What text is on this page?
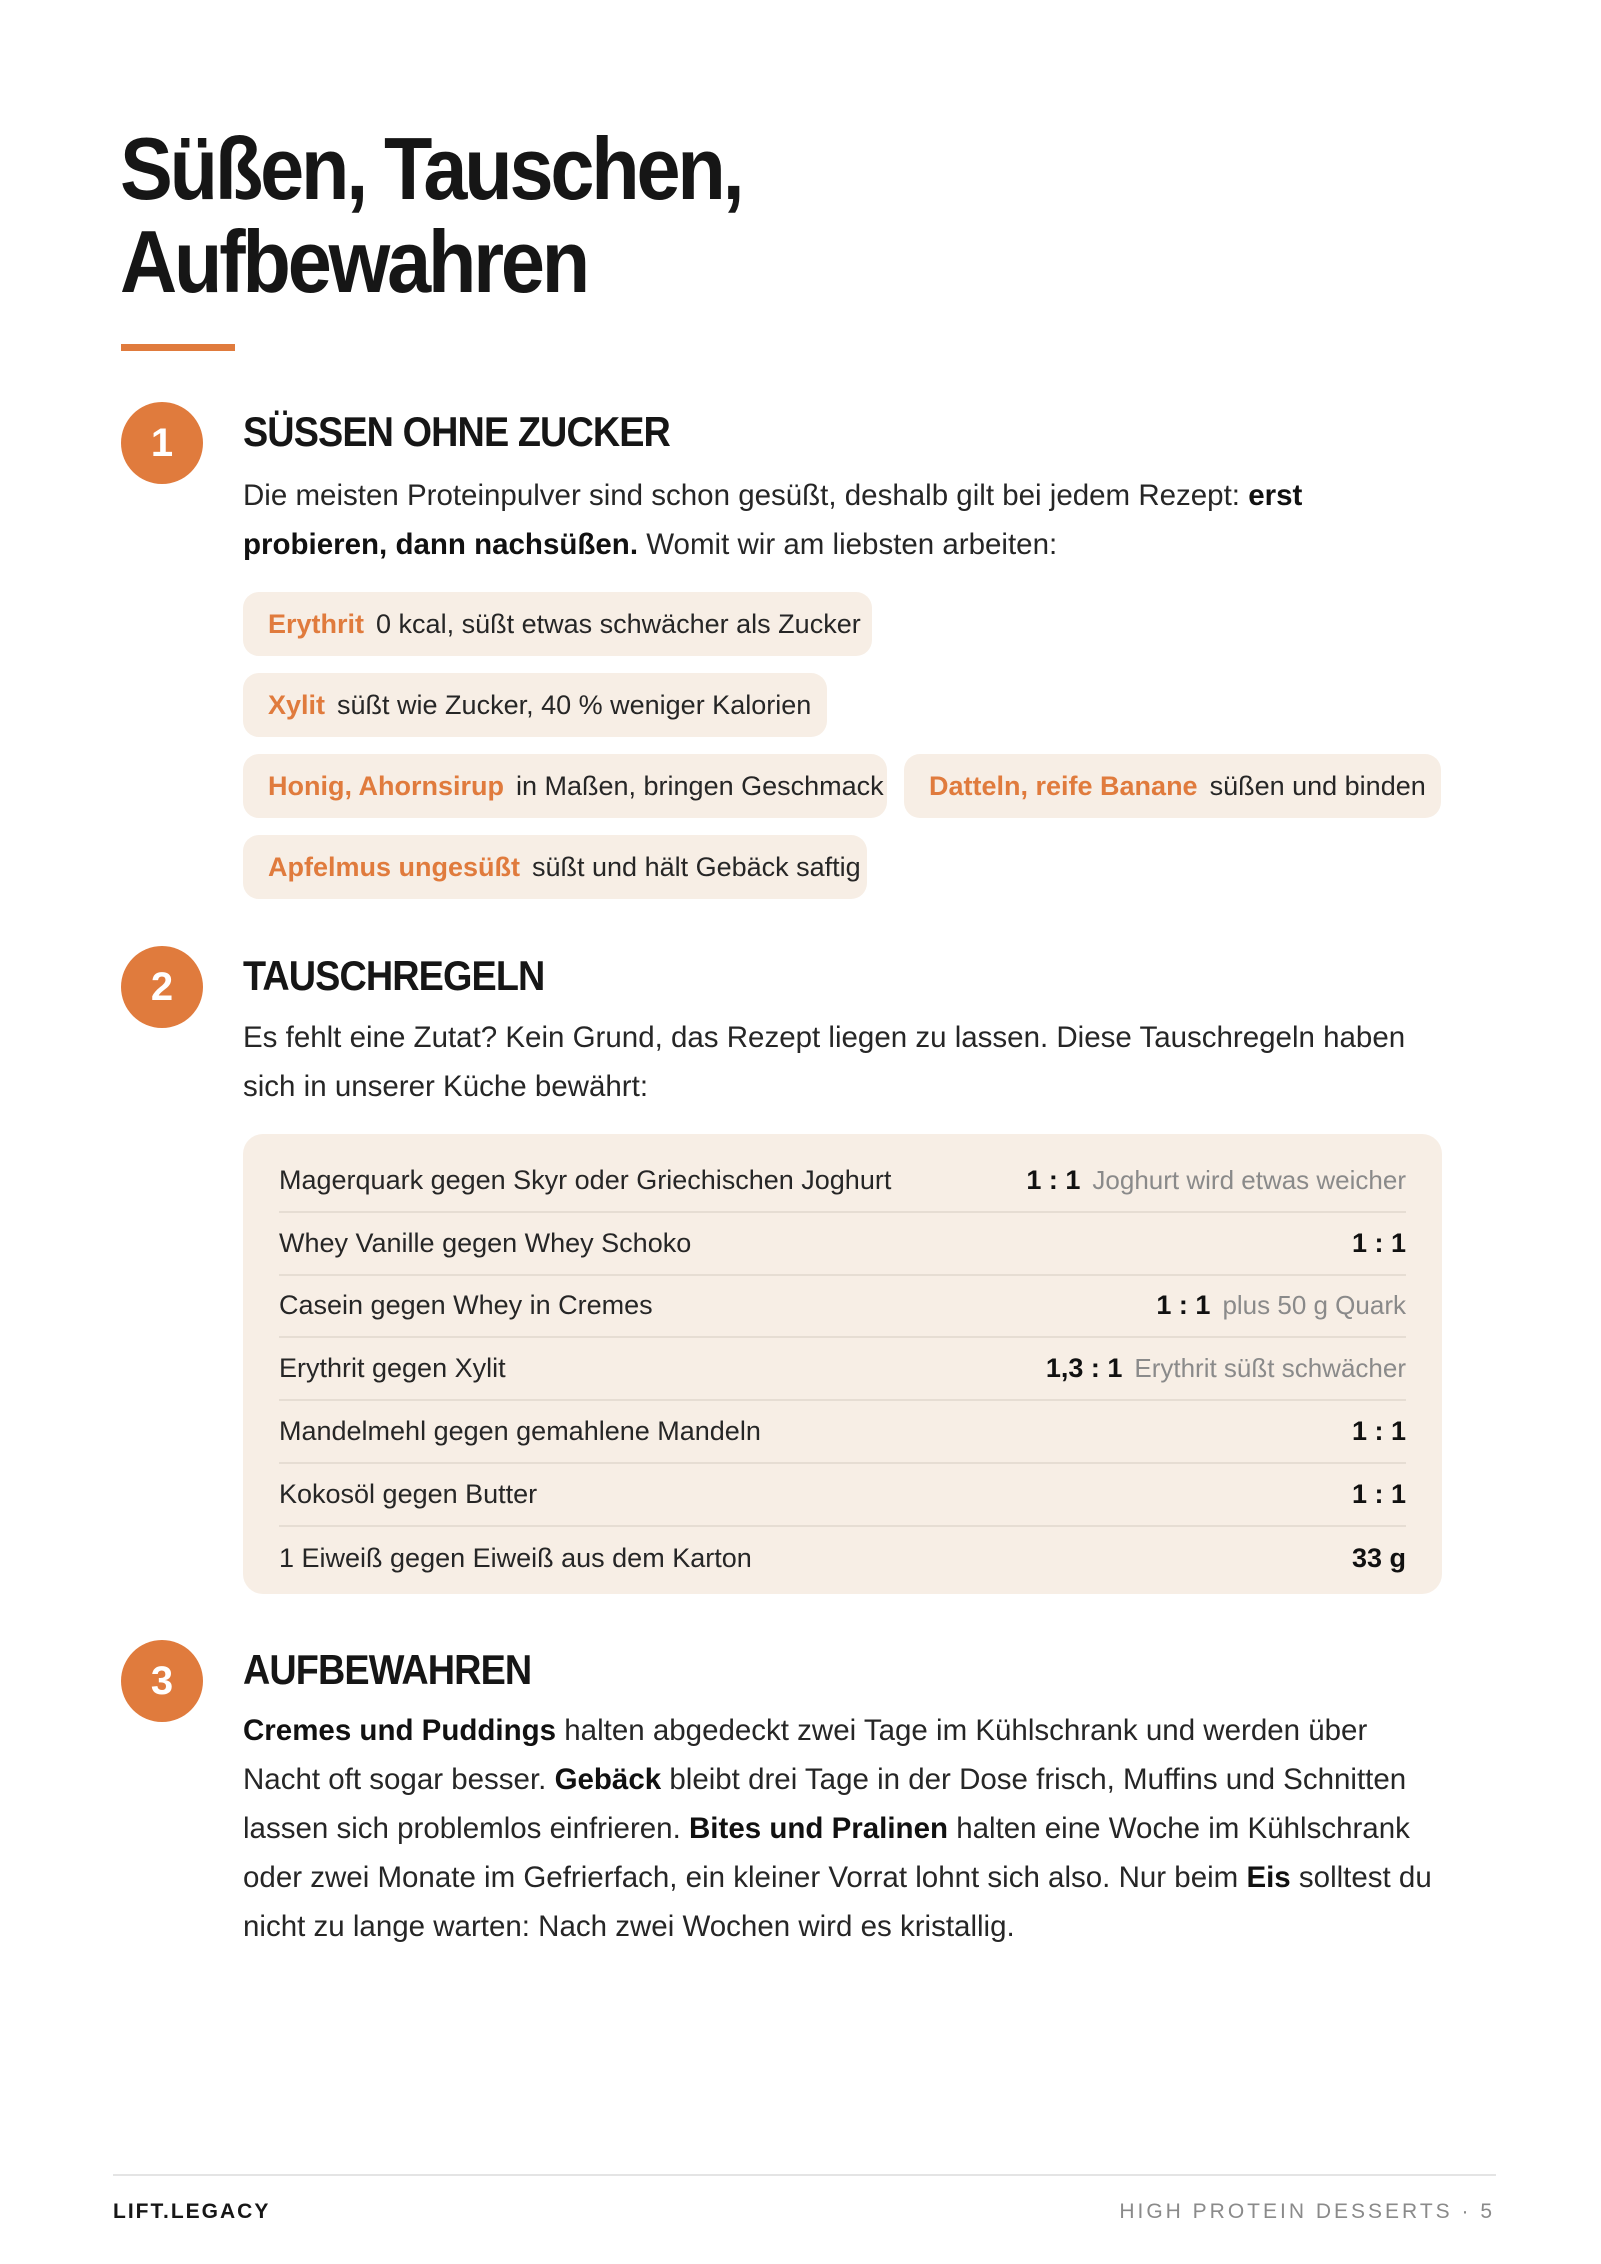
Süßen, Tauschen,
Aufbewahren
1	SÜSSEN OHNE ZUCKER

Die meisten Proteinpulver sind schon gesüßt, deshalb gilt bei jedem Rezept: erst probieren, dann nachsüßen. Womit wir am liebsten arbeiten:

Erythrit 0 kcal, süßt etwas schwächer als Zucker
Xylit süßt wie Zucker, 40 % weniger Kalorien
Honig, Ahornsirup in Maßen, bringen Geschmack Datteln, reife Banane süßen und binden
Apfelmus ungesüßt süßt und hält Gebäck saftig
2	TAUSCHREGELN

Es fehlt eine Zutat? Kein Grund, das Rezept liegen zu lassen. Diese Tauschregeln haben sich in unserer Küche bewährt:

Magerquark gegen Skyr oder Griechischen Joghurt	1 : 1 Joghurt wird etwas weicher
Whey Vanille gegen Whey Schoko	1 : 1
Casein gegen Whey in Cremes	1 : 1 plus 50 g Quark
Erythrit gegen Xylit	1,3 : 1 Erythrit süßt schwächer
Mandelmehl gegen gemahlene Mandeln	1 : 1
Kokosöl gegen Butter	1 : 1
1 Eiweiß gegen Eiweiß aus dem Karton	33 g
3	AUFBEWAHREN

Cremes und Puddings halten abgedeckt zwei Tage im Kühlschrank und werden über Nacht oft sogar besser. Gebäck bleibt drei Tage in der Dose frisch, Muffins und Schnitten lassen sich problemlos einfrieren. Bites und Pralinen halten eine Woche im Kühlschrank oder zwei Monate im Gefrierfach, ein kleiner Vorrat lohnt sich also. Nur beim Eis solltest du nicht zu lange warten: Nach zwei Wochen wird es kristallig.

LIFT.LEGACY	HIGH PROTEIN DESSERTS · 5
